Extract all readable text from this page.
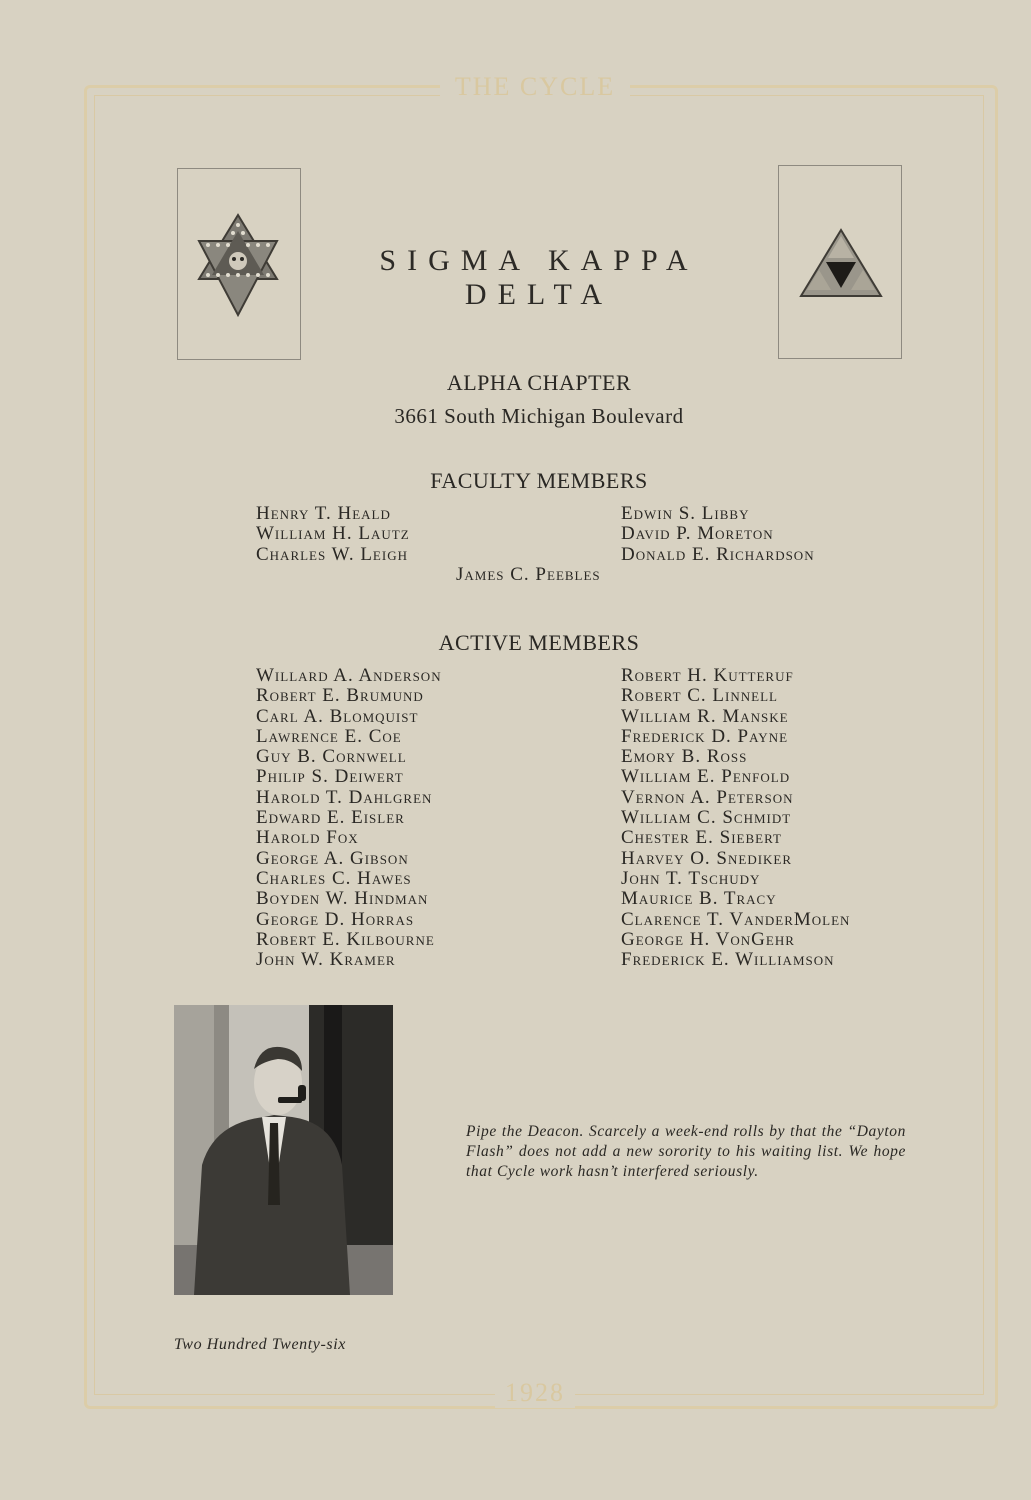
THE CYCLE
1928
SIGMA KAPPA DELTA
ALPHA CHAPTER
3661 South Michigan Boulevard
FACULTY MEMBERS
Henry T. Heald
William H. Lautz
Charles W. Leigh
Edwin S. Libby
David P. Moreton
Donald E. Richardson
James C. Peebles
ACTIVE MEMBERS
Willard A. Anderson
Robert E. Brumund
Carl A. Blomquist
Lawrence E. Coe
Guy B. Cornwell
Philip S. Deiwert
Harold T. Dahlgren
Edward E. Eisler
Harold Fox
George A. Gibson
Charles C. Hawes
Boyden W. Hindman
George D. Horras
Robert E. Kilbourne
John W. Kramer
Robert H. Kutteruf
Robert C. Linnell
William R. Manske
Frederick D. Payne
Emory B. Ross
William E. Penfold
Vernon A. Peterson
William C. Schmidt
Chester E. Siebert
Harvey O. Snediker
John T. Tschudy
Maurice B. Tracy
Clarence T. VanderMolen
George H. VonGehr
Frederick E. Williamson
Pipe the Deacon. Scarcely a week-end rolls by that the “Dayton Flash” does not add a new sorority to his waiting list. We hope that Cycle work hasn’t interfered seriously.
Two Hundred Twenty-six
